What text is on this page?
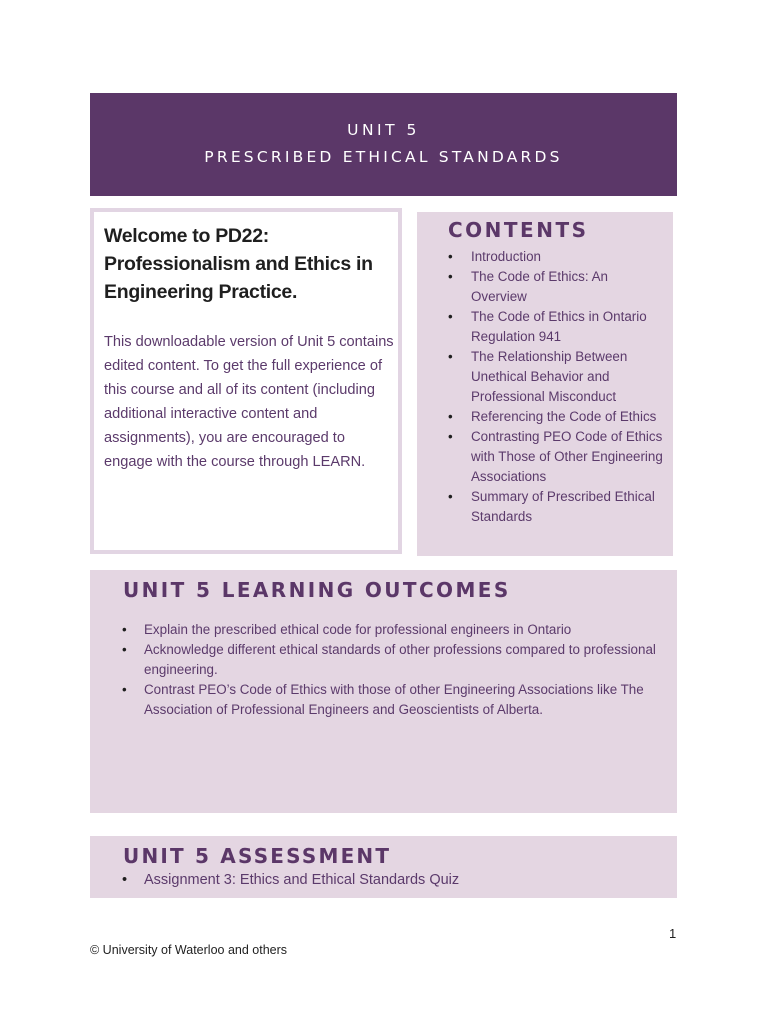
UNIT 5
PRESCRIBED ETHICAL STANDARDS
Welcome to PD22: Professionalism and Ethics in Engineering Practice.

This downloadable version of Unit 5 contains edited content. To get the full experience of this course and all of its content (including additional interactive content and assignments), you are encouraged to engage with the course through LEARN.

CONTENTS
• Introduction
• The Code of Ethics: An Overview
• The Code of Ethics in Ontario Regulation 941
• The Relationship Between Unethical Behavior and Professional Misconduct
• Referencing the Code of Ethics
• Contrasting PEO Code of Ethics with Those of Other Engineering Associations
• Summary of Prescribed Ethical Standards
UNIT 5 LEARNING OUTCOMES
• Explain the prescribed ethical code for professional engineers in Ontario
• Acknowledge different ethical standards of other professions compared to professional engineering.
• Contrast PEO’s Code of Ethics with those of other Engineering Associations like The Association of Professional Engineers and Geoscientists of Alberta.
UNIT 5 ASSESSMENT
• Assignment 3: Ethics and Ethical Standards Quiz
1
© University of Waterloo and others
